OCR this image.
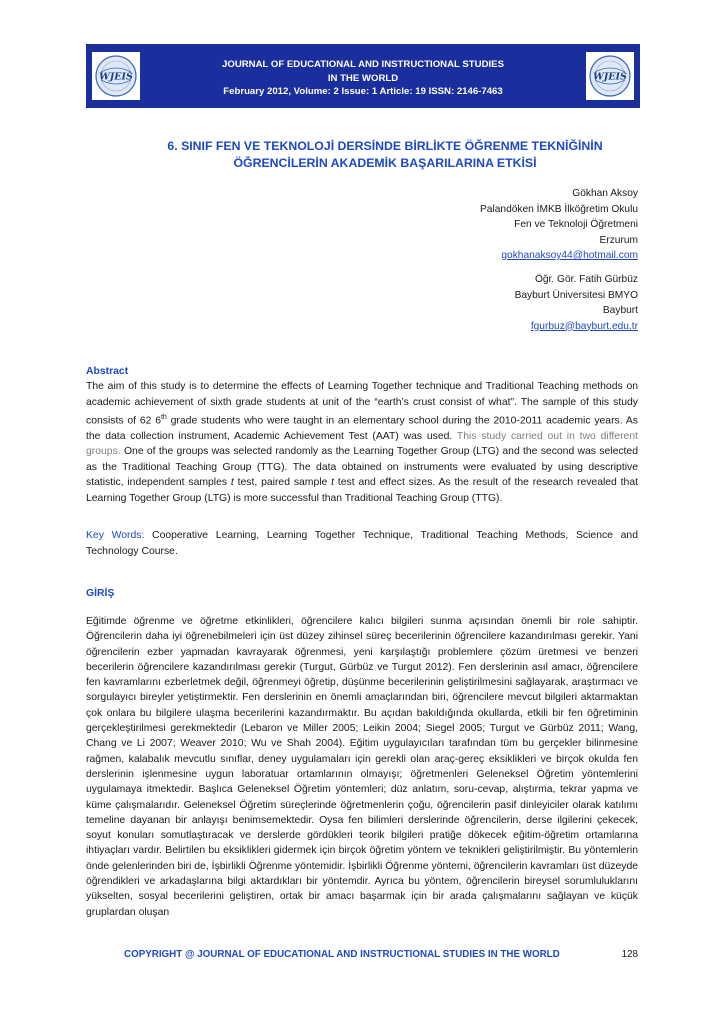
WJEIS
JOURNAL OF EDUCATIONAL AND INSTRUCTIONAL STUDIES
IN THE WORLD
February 2012, Volume: 2 Issue: 1 Article: 19 ISSN: 2146-7463
WJEIS
6. SINIF FEN VE TEKNOLOJİ DERSİNDE BİRLİKTE ÖĞRENME TEKNİĞİNİN
ÖĞRENCİLERİN AKADEMİK BAŞARILARINA ETKİSİ
Gökhan Aksoy
Palandöken İMKB İlköğretim Okulu
Fen ve Teknoloji Öğretmeni
Erzurum
gokhanaksoy44@hotmail.com
Öğr. Gör. Fatih Gürbüz
Bayburt Üniversitesi BMYO
Bayburt
fgurbuz@bayburt.edu.tr
Abstract
The aim of this study is to determine the effects of Learning Together technique and Traditional Teaching methods on academic achievement of sixth grade students at unit of the “earth’s crust consist of what”. The sample of this study consists of 62 6th grade students who were taught in an elementary school during the 2010-2011 academic years. As the data collection instrument, Academic Achievement Test (AAT) was used. This study carried out in two different groups. One of the groups was selected randomly as the Learning Together Group (LTG) and the second was selected as the Traditional Teaching Group (TTG). The data obtained on instruments were evaluated by using descriptive statistic, independent samples t test, paired sample t test and effect sizes. As the result of the research revealed that Learning Together Group (LTG) is more successful than Traditional Teaching Group (TTG).
Key Words: Cooperative Learning, Learning Together Technique, Traditional Teaching Methods, Science and Technology Course.
GİRİŞ
Eğitimde öğrenme ve öğretme etkinlikleri, öğrencilere kalıcı bilgileri sunma açısından önemli bir role sahiptir. Öğrencilerin daha iyi öğrenebilmeleri için üst düzey zihinsel süreç becerilerinin öğrencilere kazandırılması gerekir. Yani öğrencilerin ezber yapmadan kavrayarak öğrenmesi, yeni karşılaştığı problemlere çözüm üretmesi ve benzeri becerilerin öğrencilere kazandırılması gerekir (Turgut, Gürbüz ve Turgut 2012). Fen derslerinin asıl amacı, öğrencilere fen kavramlarını ezberletmek değil, öğrenmeyi öğretip, düşünme becerilerinin geliştirilmesini sağlayarak, araştırmacı ve sorgulayıcı bireyler yetiştirmektir. Fen derslerinin en önemli amaçlarından biri, öğrencilere mevcut bilgileri aktarmaktan çok onlara bu bilgilere ulaşma becerilerini kazandırmaktır. Bu açıdan bakıldığında okullarda, etkili bir fen öğretiminin gerçekleştirilmesi gerekmektedir (Lebaron ve Miller 2005; Leikin 2004; Siegel 2005; Turgut ve Gürbüz 2011; Wang, Chang ve Li 2007; Weaver 2010; Wu ve Shah 2004). Eğitim uygulayıcıları tarafından tüm bu gerçekler bilinmesine rağmen, kalabalık mevcutlu sınıflar, deney uygulamaları için gerekli olan araç-gereç eksiklikleri ve birçok okulda fen derslerinin işlenmesine uygun laboratuar ortamlarının olmayışı; öğretmenleri Geleneksel Öğretim yöntemlerini uygulamaya itmektedir. Başlıca Geleneksel Öğretim yöntemleri; düz anlatım, soru-cevap, alıştırma, tekrar yapma ve küme çalışmalarıdır. Geleneksel Öğretim süreçlerinde öğretmenlerin çoğu, öğrencilerin pasif dinleyiciler olarak katılımı temeline dayanan bir anlayışı benimsemektedir. Oysa fen bilimleri derslerinde öğrencilerin, derse ilgilerini çekecek, soyut konuları somutlaştıracak ve derslerde gördükleri teorik bilgileri pratiğe dökecek eğitim-öğretim ortamlarına ihtiyaçları vardır. Belirtilen bu eksiklikleri gidermek için birçok öğretim yöntem ve teknikleri geliştirilmiştir. Bu yöntemlerin önde gelenlerinden biri de, İşbirlikli Öğrenme yöntemidir. İşbirlikli Öğrenme yöntemi, öğrencilerin kavramları üst düzeyde öğrendikleri ve arkadaşlarına bilgi aktardıkları bir yöntemdir. Ayrıca bu yöntem, öğrencilerin bireysel sorumluluklarını yükselten, sosyal becerilerini geliştiren, ortak bir amacı başarmak için bir arada çalışmalarını sağlayan ve küçük gruplardan oluşan
COPYRIGHT @ JOURNAL OF EDUCATIONAL AND INSTRUCTIONAL STUDIES IN THE WORLD	128
